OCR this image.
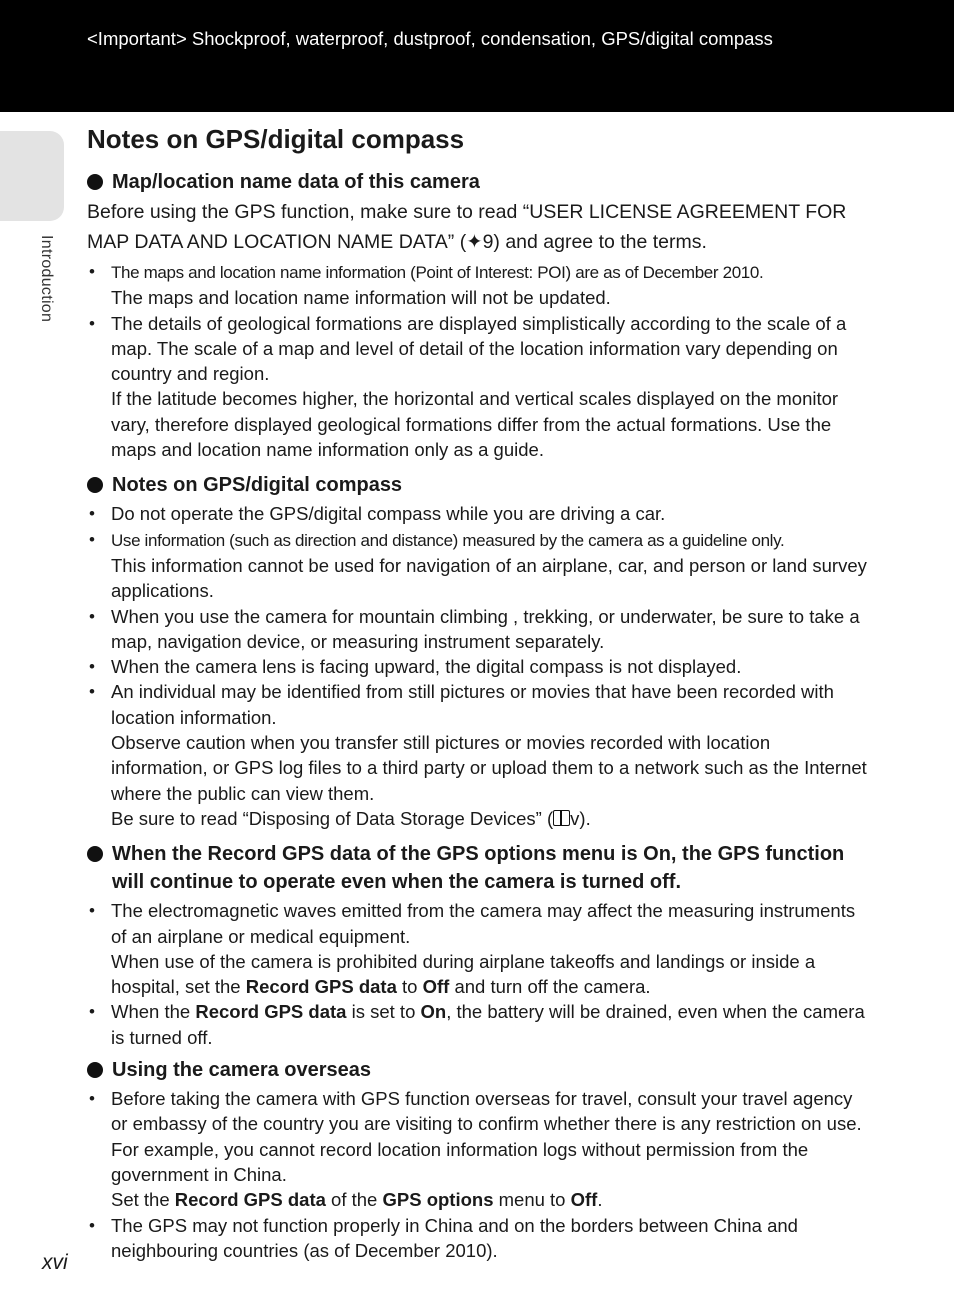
<Important> Shockproof, waterproof, dustproof, condensation, GPS/digital compass
Introduction
Notes on GPS/digital compass
Map/location name data of this camera
Before using the GPS function, make sure to read “USER LICENSE AGREEMENT FOR MAP DATA AND LOCATION NAME DATA” (✦9) and agree to the terms.
• The maps and location name information (Point of Interest: POI) are as of December 2010.
The maps and location name information will not be updated.
• The details of geological formations are displayed simplistically according to the scale of a map. The scale of a map and level of detail of the location information vary depending on country and region.
If the latitude becomes higher, the horizontal and vertical scales displayed on the monitor vary, therefore displayed geological formations differ from the actual formations. Use the maps and location name information only as a guide.
Notes on GPS/digital compass
• Do not operate the GPS/digital compass while you are driving a car.
• Use information (such as direction and distance) measured by the camera as a guideline only.
This information cannot be used for navigation of an airplane, car, and person or land survey applications.
• When you use the camera for mountain climbing , trekking, or underwater, be sure to take a map, navigation device, or measuring instrument separately.
• When the camera lens is facing upward, the digital compass is not displayed.
• An individual may be identified from still pictures or movies that have been recorded with location information.
Observe caution when you transfer still pictures or movies recorded with location information, or GPS log files to a third party or upload them to a network such as the Internet where the public can view them.
Be sure to read “Disposing of Data Storage Devices” ( v).
When the Record GPS data of the GPS options menu is On, the GPS function will continue to operate even when the camera is turned off.
• The electromagnetic waves emitted from the camera may affect the measuring instruments of an airplane or medical equipment.
When use of the camera is prohibited during airplane takeoffs and landings or inside a hospital, set the Record GPS data to Off and turn off the camera.
• When the Record GPS data is set to On, the battery will be drained, even when the camera is turned off.
Using the camera overseas
• Before taking the camera with GPS function overseas for travel, consult your travel agency or embassy of the country you are visiting to confirm whether there is any restriction on use.
For example, you cannot record location information logs without permission from the government in China.
Set the Record GPS data of the GPS options menu to Off.
• The GPS may not function properly in China and on the borders between China and neighbouring countries (as of December 2010).
xvi
